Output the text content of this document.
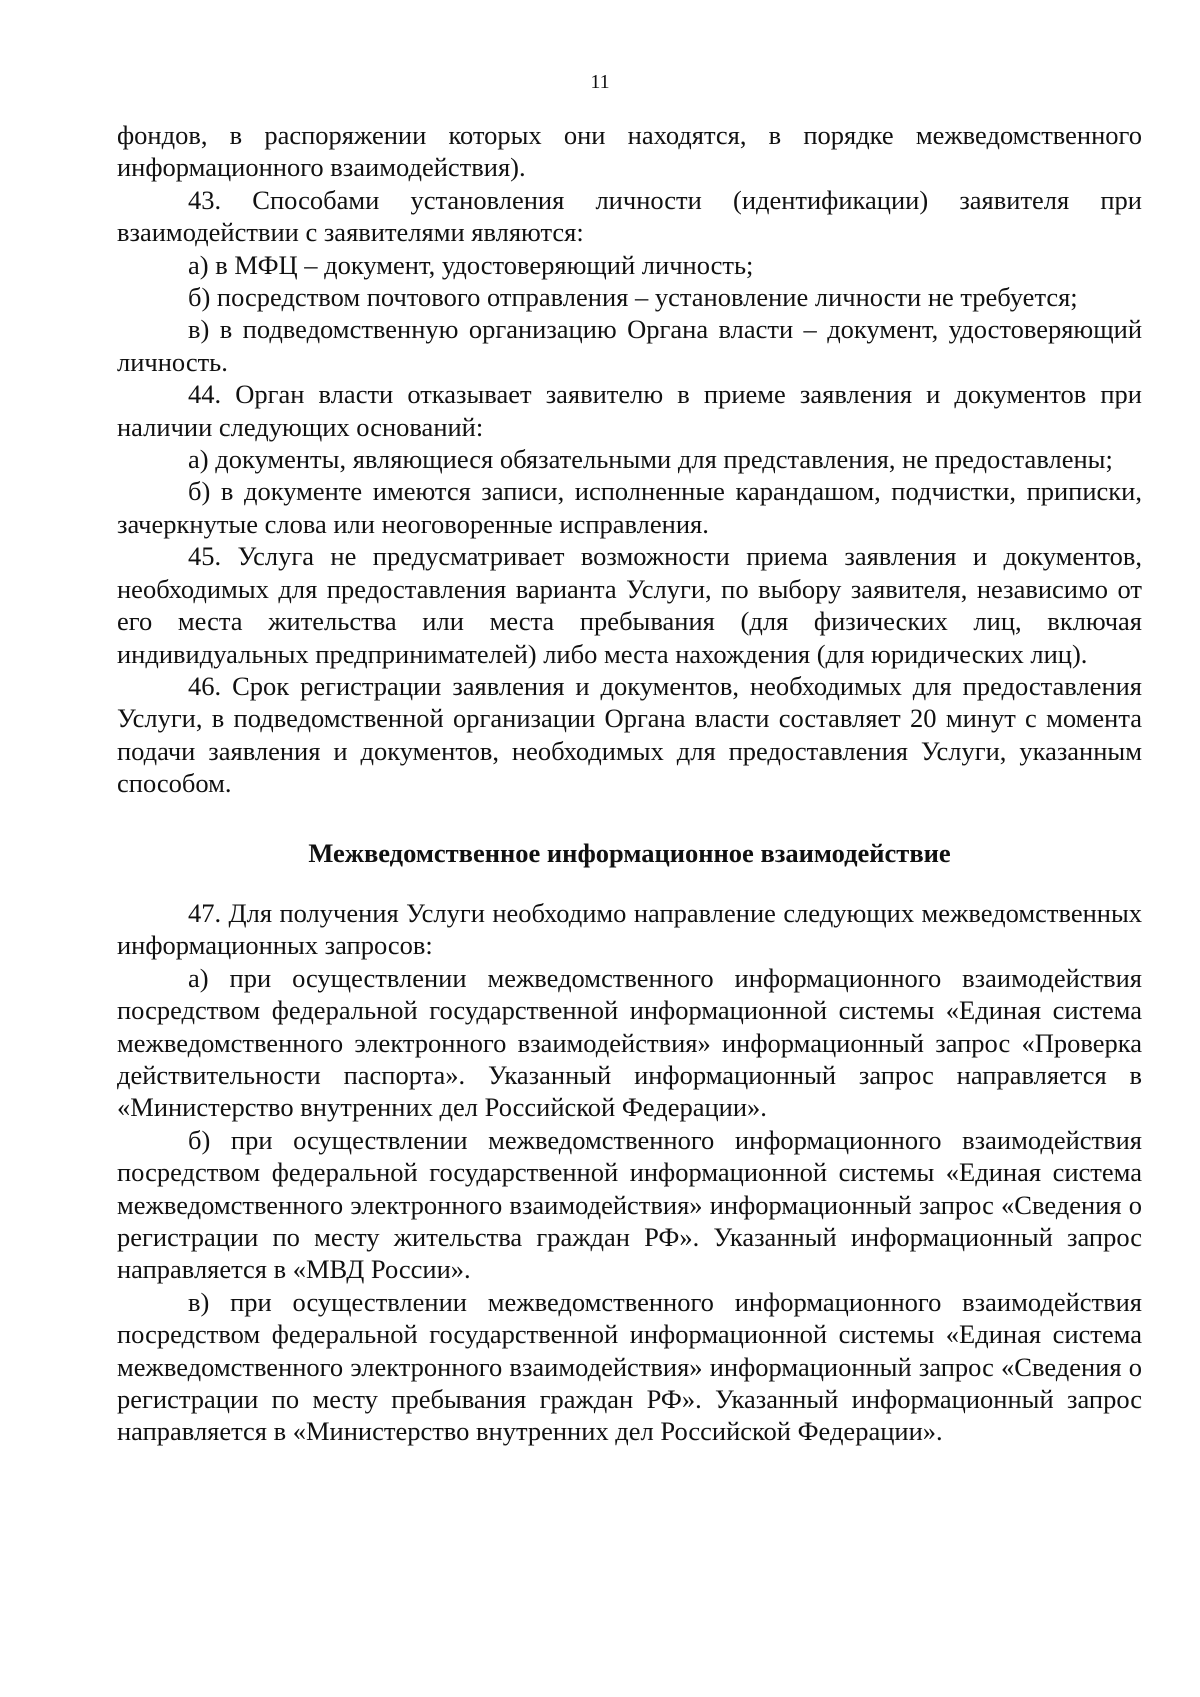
11

фондов, в распоряжении которых они находятся, в порядке межведомственного информационного взаимодействия).

43. Способами установления личности (идентификации) заявителя при взаимодействии с заявителями являются:

а) в МФЦ – документ, удостоверяющий личность;

б) посредством почтового отправления – установление личности не требуется;

в) в подведомственную организацию Органа власти – документ, удостоверяющий личность.

44. Орган власти отказывает заявителю в приеме заявления и документов при наличии следующих оснований:

а) документы, являющиеся обязательными для представления, не предоставлены;

б) в документе имеются записи, исполненные карандашом, подчистки, приписки, зачеркнутые слова или неоговоренные исправления.

45. Услуга не предусматривает возможности приема заявления и документов, необходимых для предоставления варианта Услуги, по выбору заявителя, независимо от его места жительства или места пребывания (для физических лиц, включая индивидуальных предпринимателей) либо места нахождения (для юридических лиц).

46. Срок регистрации заявления и документов, необходимых для предоставления Услуги, в подведомственной организации Органа власти составляет 20 минут с момента подачи заявления и документов, необходимых для предоставления Услуги, указанным способом.

Межведомственное информационное взаимодействие

47. Для получения Услуги необходимо направление следующих межведомственных информационных запросов:

а) при осуществлении межведомственного информационного взаимодействия посредством федеральной государственной информационной системы «Единая система межведомственного электронного взаимодействия» информационный запрос «Проверка действительности паспорта». Указанный информационный запрос направляется в «Министерство внутренних дел Российской Федерации».

б) при осуществлении межведомственного информационного взаимодействия посредством федеральной государственной информационной системы «Единая система межведомственного электронного взаимодействия» информационный запрос «Сведения о регистрации по месту жительства граждан РФ». Указанный информационный запрос направляется в «МВД России».

в) при осуществлении межведомственного информационного взаимодействия посредством федеральной государственной информационной системы «Единая система межведомственного электронного взаимодействия» информационный запрос «Сведения о регистрации по месту пребывания граждан РФ». Указанный информационный запрос направляется в «Министерство внутренних дел Российской Федерации».
